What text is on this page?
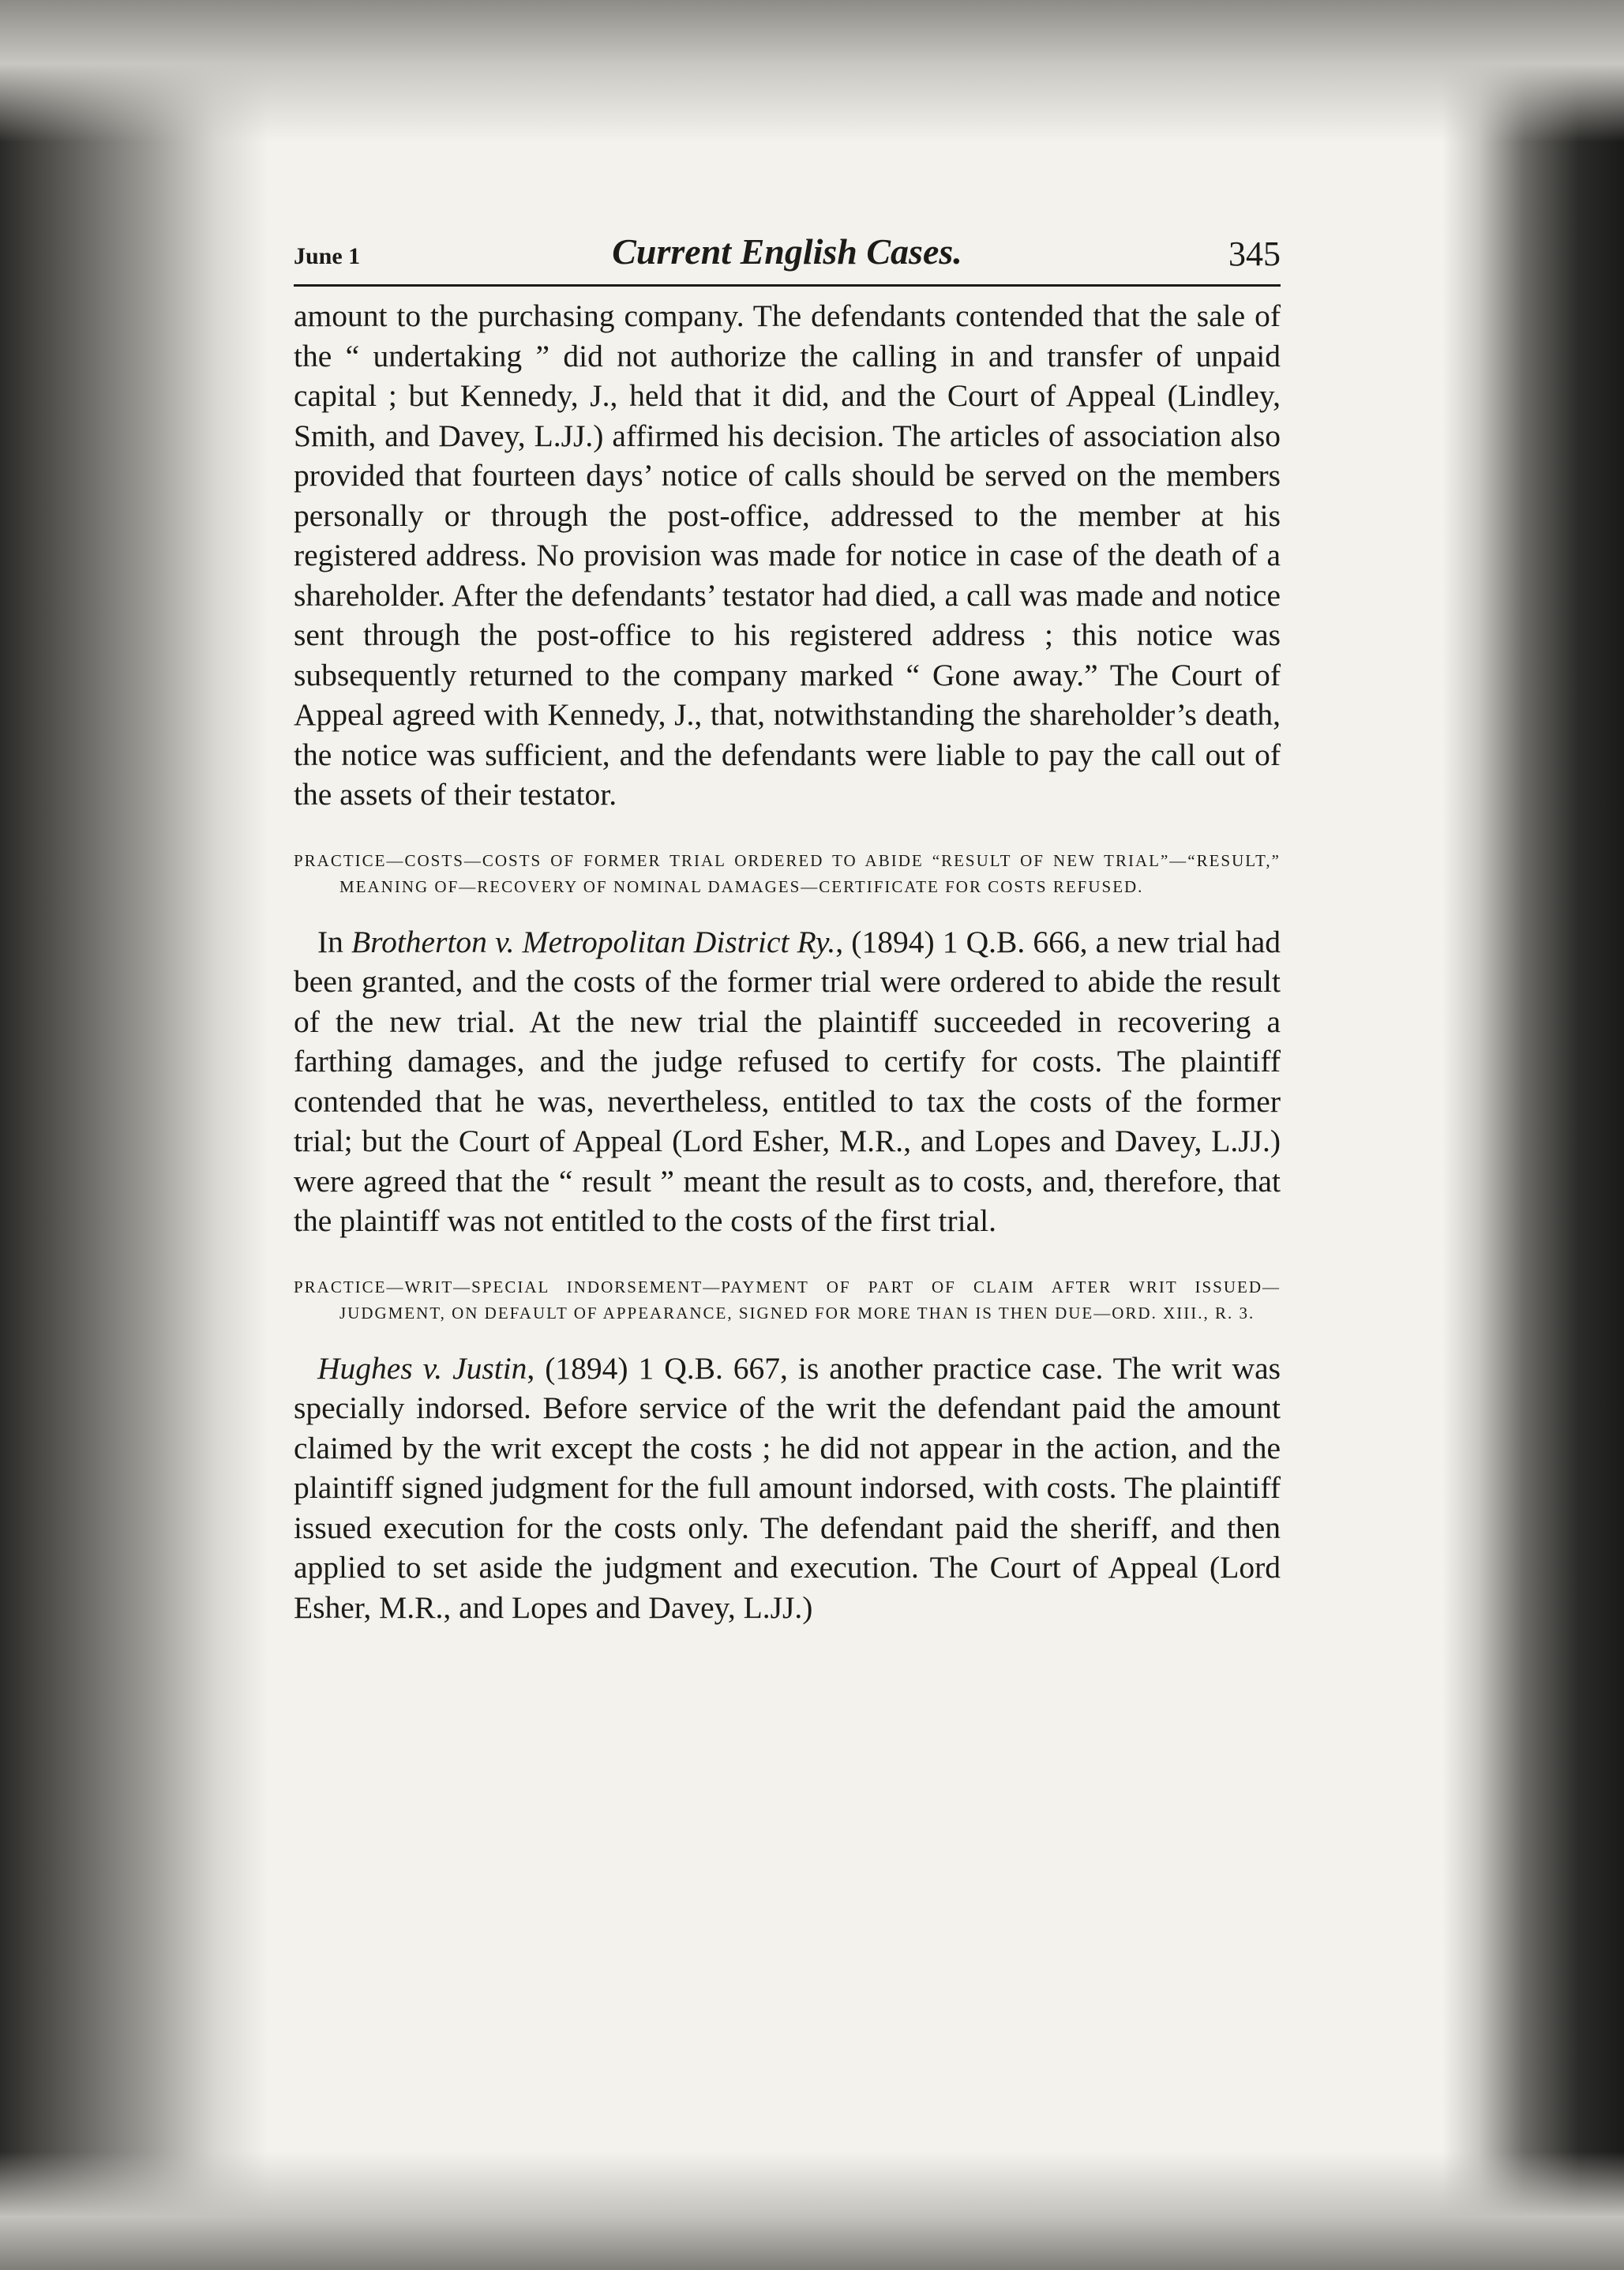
June 1	Current English Cases.	345

amount to the purchasing company. The defendants contended that the sale of the “ undertaking ” did not authorize the calling in and transfer of unpaid capital ; but Kennedy, J., held that it did, and the Court of Appeal (Lindley, Smith, and Davey, L.JJ.) affirmed his decision. The articles of association also provided that fourteen days’ notice of calls should be served on the members personally or through the post-office, addressed to the member at his registered address. No provision was made for notice in case of the death of a shareholder. After the defendants’ testator had died, a call was made and notice sent through the post-office to his registered address ; this notice was subsequently returned to the company marked “ Gone away.” The Court of Appeal agreed with Kennedy, J., that, notwithstanding the shareholder’s death, the notice was sufficient, and the defendants were liable to pay the call out of the assets of their testator.

PRACTICE—COSTS—COSTS OF FORMER TRIAL ORDERED TO ABIDE “RESULT OF NEW TRIAL”—“RESULT,” MEANING OF—RECOVERY OF NOMINAL DAMAGES—CERTIFICATE FOR COSTS REFUSED.

In Brotherton v. Metropolitan District Ry., (1894) 1 Q.B. 666, a new trial had been granted, and the costs of the former trial were ordered to abide the result of the new trial. At the new trial the plaintiff succeeded in recovering a farthing damages, and the judge refused to certify for costs. The plaintiff contended that he was, nevertheless, entitled to tax the costs of the former trial; but the Court of Appeal (Lord Esher, M.R., and Lopes and Davey, L.JJ.) were agreed that the “ result ” meant the result as to costs, and, therefore, that the plaintiff was not entitled to the costs of the first trial.

PRACTICE—WRIT—SPECIAL INDORSEMENT—PAYMENT OF PART OF CLAIM AFTER WRIT ISSUED—JUDGMENT, ON DEFAULT OF APPEARANCE, SIGNED FOR MORE THAN IS THEN DUE—ORD. XIII., R. 3.

Hughes v. Justin, (1894) 1 Q.B. 667, is another practice case. The writ was specially indorsed. Before service of the writ the defendant paid the amount claimed by the writ except the costs ; he did not appear in the action, and the plaintiff signed judgment for the full amount indorsed, with costs. The plaintiff issued execution for the costs only. The defendant paid the sheriff, and then applied to set aside the judgment and execution. The Court of Appeal (Lord Esher, M.R., and Lopes and Davey, L.JJ.)
